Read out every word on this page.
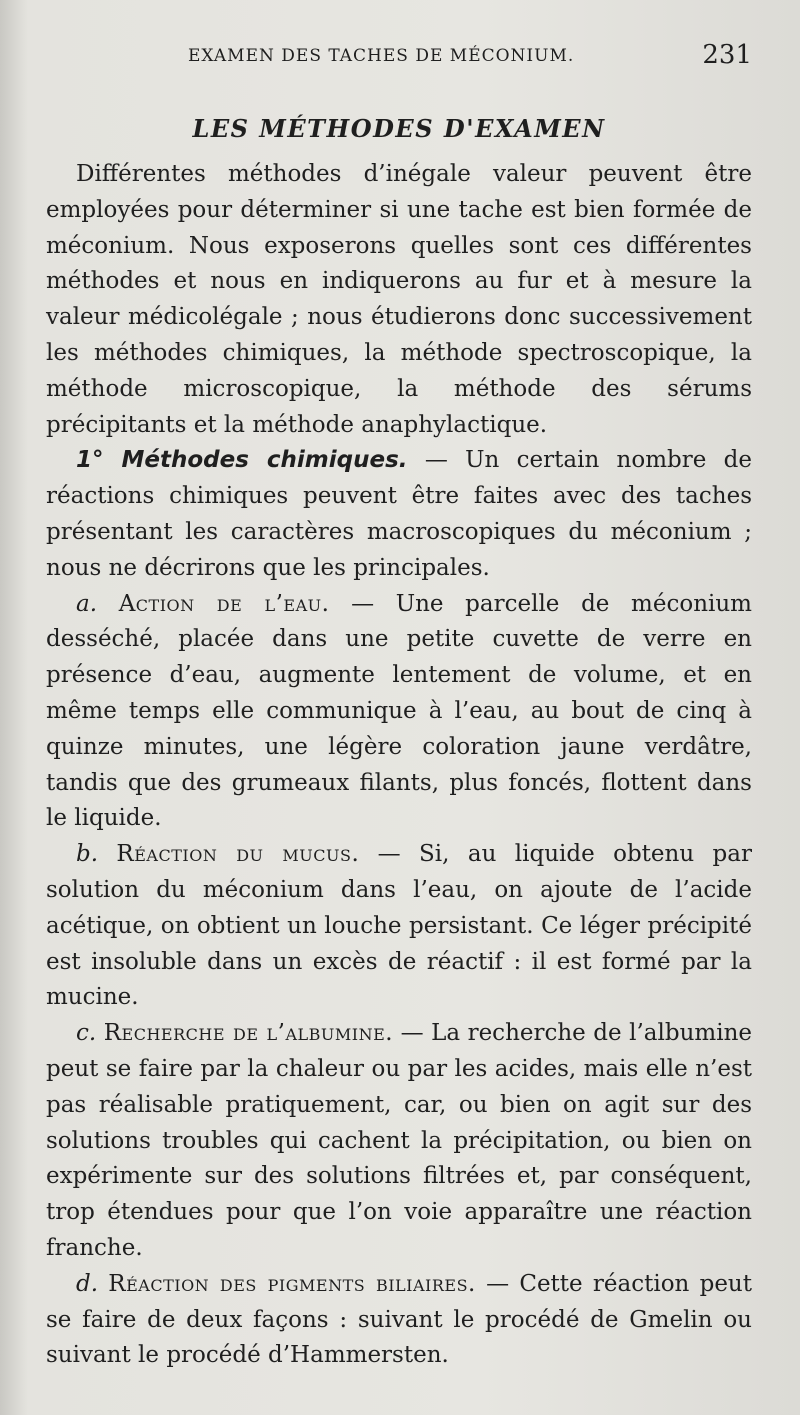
EXAMEN DES TACHES DE MÉCONIUM.	231
LES MÉTHODES D'EXAMEN

Différentes méthodes d’inégale valeur peuvent être employées pour déterminer si une tache est bien formée de méconium. Nous exposerons quelles sont ces différentes méthodes et nous en indiquerons au fur et à mesure la valeur médicolégale ; nous étudierons donc successivement les méthodes chimiques, la méthode spectroscopique, la méthode microscopique, la méthode des sérums précipitants et la méthode anaphylactique.

1° Méthodes chimiques. — Un certain nombre de réactions chimiques peuvent être faites avec des taches présentant les caractères macroscopiques du méconium ; nous ne décrirons que les principales.

a. Action de l’eau. — Une parcelle de méconium desséché, placée dans une petite cuvette de verre en présence d’eau, augmente lentement de volume, et en même temps elle communique à l’eau, au bout de cinq à quinze minutes, une légère coloration jaune verdâtre, tandis que des grumeaux filants, plus foncés, flottent dans le liquide.

b. Réaction du mucus. — Si, au liquide obtenu par solution du méconium dans l’eau, on ajoute de l’acide acétique, on obtient un louche persistant. Ce léger précipité est insoluble dans un excès de réactif : il est formé par la mucine.

c. Recherche de l’albumine. — La recherche de l’albumine peut se faire par la chaleur ou par les acides, mais elle n’est pas réalisable pratiquement, car, ou bien on agit sur des solutions troubles qui cachent la précipitation, ou bien on expérimente sur des solutions filtrées et, par conséquent, trop étendues pour que l’on voie apparaître une réaction franche.

d. Réaction des pigments biliaires. — Cette réaction peut se faire de deux façons : suivant le procédé de Gmelin ou suivant le procédé d’Hammersten.
